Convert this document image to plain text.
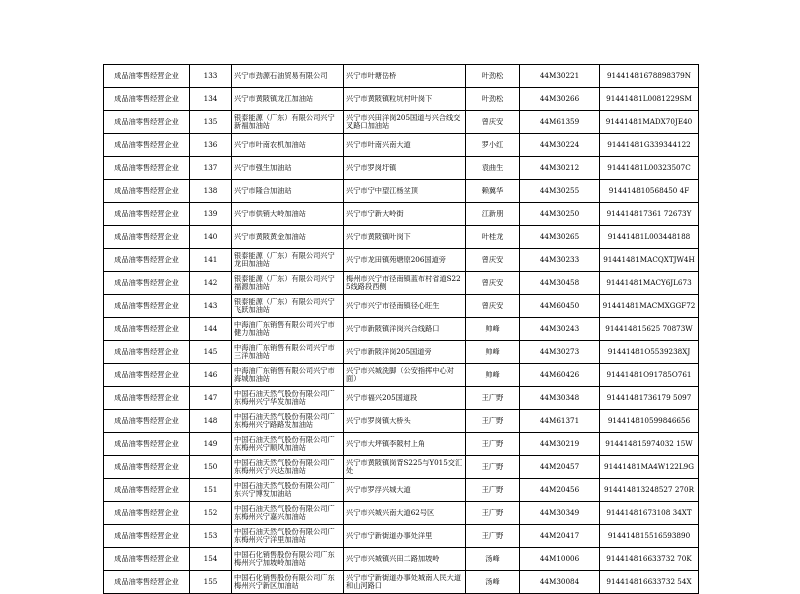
成品油零售经营企业	133	兴宁市劲源石油贸易有限公司	兴宁市叶塘岳桥	叶劲松	44M30221	91441481678898379N

成品油零售经营企业	134	兴宁市黄陂镇龙江加油站	兴宁市黄陂镇粒坑村叶岗下	叶劲松	44M30266	91441481L0081229SM

成品油零售经营企业	135	银泰能源（广东）有限公司兴宁新福加油站	兴宁市兴田洋岗205国道与兴合线交叉路口加油站	曾庆安	44M61359	91441481MADX70JE40

成品油零售经营企业	136	兴宁市叶南农机加油站	兴宁市叶南兴南大道	罗小红	44M30224	91441481G339344122

成品油零售经营企业	137	兴宁市强生加油站	兴宁市罗岗圩镇	袁曲生	44M30212	91441481L00323507C

成品油零售经营企业	138	兴宁市隆合加油站	兴宁市宁中望江杨坌顶	赖冀华	44M30255	914414810568450 4F

成品油零售经营企业	139	兴宁市供销大岭加油站	兴宁市宁新大岭街	江新朋	44M30250	914414817361 72673Y

成品油零售经营企业	140	兴宁市黄陂黄金加油站	兴宁市黄陂镇叶岗下	叶桂龙	44M30265	91441481L003448188

成品油零售经营企业	141	银泰能源（广东）有限公司兴宁龙田加油站	兴宁市龙田镇苑塘原206国道旁	曾庆安	44M30233	91441481MACQXTJW4H

成品油零售经营企业	142	银泰能源（广东）有限公司兴宁福源加油站	梅州市兴宁市径南镇蓝布村省道S225线路段西侧	曾庆安	44M30458	91441481MACY6JL673

成品油零售经营企业	143	银泰能源（广东）有限公司兴宁飞跃加油站	兴宁市兴宁市径南镇径心旺生	曾庆安	44M60450	91441481MACMXGGF72

成品油零售经营企业	144	中海油广东销售有限公司兴宁市健力加油站	兴宁市新陂镇洋岗兴合线路口	帅峰	44M30243	914414815625 70873W

成品油零售经营企业	145	中海油广东销售有限公司兴宁市三洋加油站	兴宁市新陂洋岗205国道旁	帅峰	44M30273	91441481O5539238XJ

成品油零售经营企业	146	中海油广东销售有限公司兴宁市海城加油站	兴宁市兴城洗脚（公安指挥中心对面）	帅峰	44M60426	91441481O91785O761

成品油零售经营企业	147	中国石油天然气股份有限公司广东梅州兴宁华发加油站	兴宁市福兴205国道段	王广野	44M30348	91441481736179 5097

成品油零售经营企业	148	中国石油天然气股份有限公司广东梅州兴宁路路发加油站	兴宁市罗岗镇大桥头	王广野	44M61371	914414810599846656

成品油零售经营企业	149	中国石油天然气股份有限公司广东梅州兴宁顺风加油站	兴宁市大坪镇李陂村上角	王广野	44M30219	914414815974032 15W

成品油零售经营企业	150	中国石油天然气股份有限公司广东梅州兴宁兴达加油站	兴宁市黄陂镇岗背S225与Y015交汇处	王广野	44M20457	91441481MA4W122L9G

成品油零售经营企业	151	中国石油天然气股份有限公司广东兴宁博发加油站	兴宁市罗浮兴城大道	王广野	44M20456	914414813248527 270R

成品油零售经营企业	152	中国石油天然气股份有限公司广东梅州兴宁嘉兴加油站	兴宁市兴城兴南大道62号区	王广野	44M30349	91441481673108 34XT

成品油零售经营企业	153	中国石油天然气股份有限公司广东梅州兴宁洋里加油站	兴宁市宁新街道办事处洋里	王广野	44M20417	914414815516593890

成品油零售经营企业	154	中国石化销售股份有限公司广东梅州兴宁加坡岭加油站	兴宁市兴城镇兴田二路加坡岭	汤峰	44M10006	914414816633732 70K

成品油零售经营企业	155	中国石化销售股份有限公司广东梅州兴宁新区加油站	兴宁市宁新街道办事处城南人民大道和山河路口	汤峰	44M30084	914414816633732 54X
